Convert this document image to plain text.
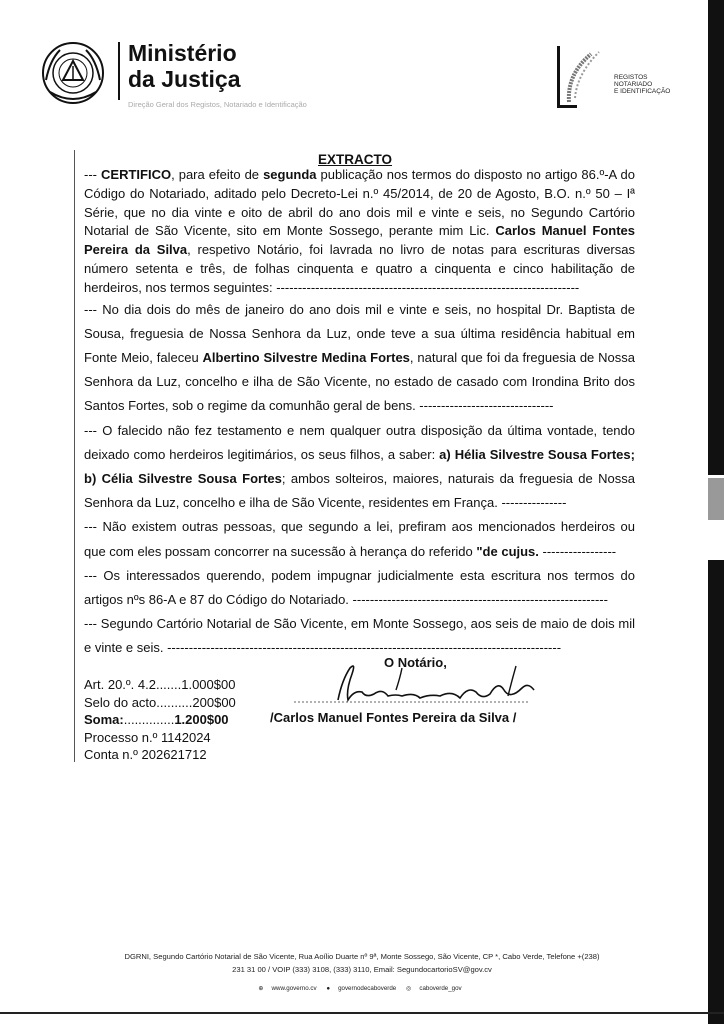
Ministério
da Justiça
Direção Geral dos Registos, Notariado e Identificação
REGISTOS
NOTARIADO
E IDENTIFICAÇÃO
EXTRACTO

--- CERTIFICO, para efeito de segunda publicação nos termos do disposto no artigo 86.º-A do Código do Notariado, aditado pelo Decreto-Lei n.º 45/2014, de 20 de Agosto, B.O. n.º 50 – Iª Série, que no dia vinte e oito de abril do ano dois mil e vinte e seis, no Segundo Cartório Notarial de São Vicente, sito em Monte Sossego, perante mim Lic. Carlos Manuel Fontes Pereira da Silva, respetivo Notário, foi lavrada no livro de notas para escrituras diversas número setenta e três, de folhas cinquenta e quatro a cinquenta e cinco habilitação de herdeiros, nos termos seguintes: ----------------------------------------------------------------------

--- No dia dois do mês de janeiro do ano dois mil e vinte e seis, no hospital Dr. Baptista de Sousa, freguesia de Nossa Senhora da Luz, onde teve a sua última residência habitual em Fonte Meio, faleceu Albertino Silvestre Medina Fortes, natural que foi da freguesia de Nossa Senhora da Luz, concelho e ilha de São Vicente, no estado de casado com Irondina Brito dos Santos Fortes, sob o regime da comunhão geral de bens. -------------------------------

--- O falecido não fez testamento e nem qualquer outra disposição da última vontade, tendo deixado como herdeiros legitimários, os seus filhos, a saber: a) Hélia Silvestre Sousa Fortes; b) Célia Silvestre Sousa Fortes; ambos solteiros, maiores, naturais da freguesia de Nossa Senhora da Luz, concelho e ilha de São Vicente, residentes em França. ---------------

--- Não existem outras pessoas, que segundo a lei, prefiram aos mencionados herdeiros ou que com eles possam concorrer na sucessão à herança do referido "de cujus. -----------------

--- Os interessados querendo, podem impugnar judicialmente esta escritura nos termos do artigos nºs 86-A e 87 do Código do Notariado. -----------------------------------------------------------

--- Segundo Cartório Notarial de São Vicente, em Monte Sossego, aos seis de maio de dois mil e vinte e seis. -------------------------------------------------------------------------------------------

Art. 20.º. 4.2.......1.000$00
Selo do acto..........200$00
Soma:..............1.200$00
Processo n.º 1142024
Conta n.º 202621712
O Notário,
/Carlos Manuel Fontes Pereira da Silva /
DGRNI, Segundo Cartório Notarial de São Vicente, Rua Aoílio Duarte nº 9ª, Monte Sossego, São Vicente, CP *, Cabo Verde, Telefone +(238)
231 31 00 / VOIP (333) 3108, (333) 3110, Email: SegundocartorioSV@gov.cv
⊕ www.governo.cv ● governodecaboverde ◎ caboverde_gov
